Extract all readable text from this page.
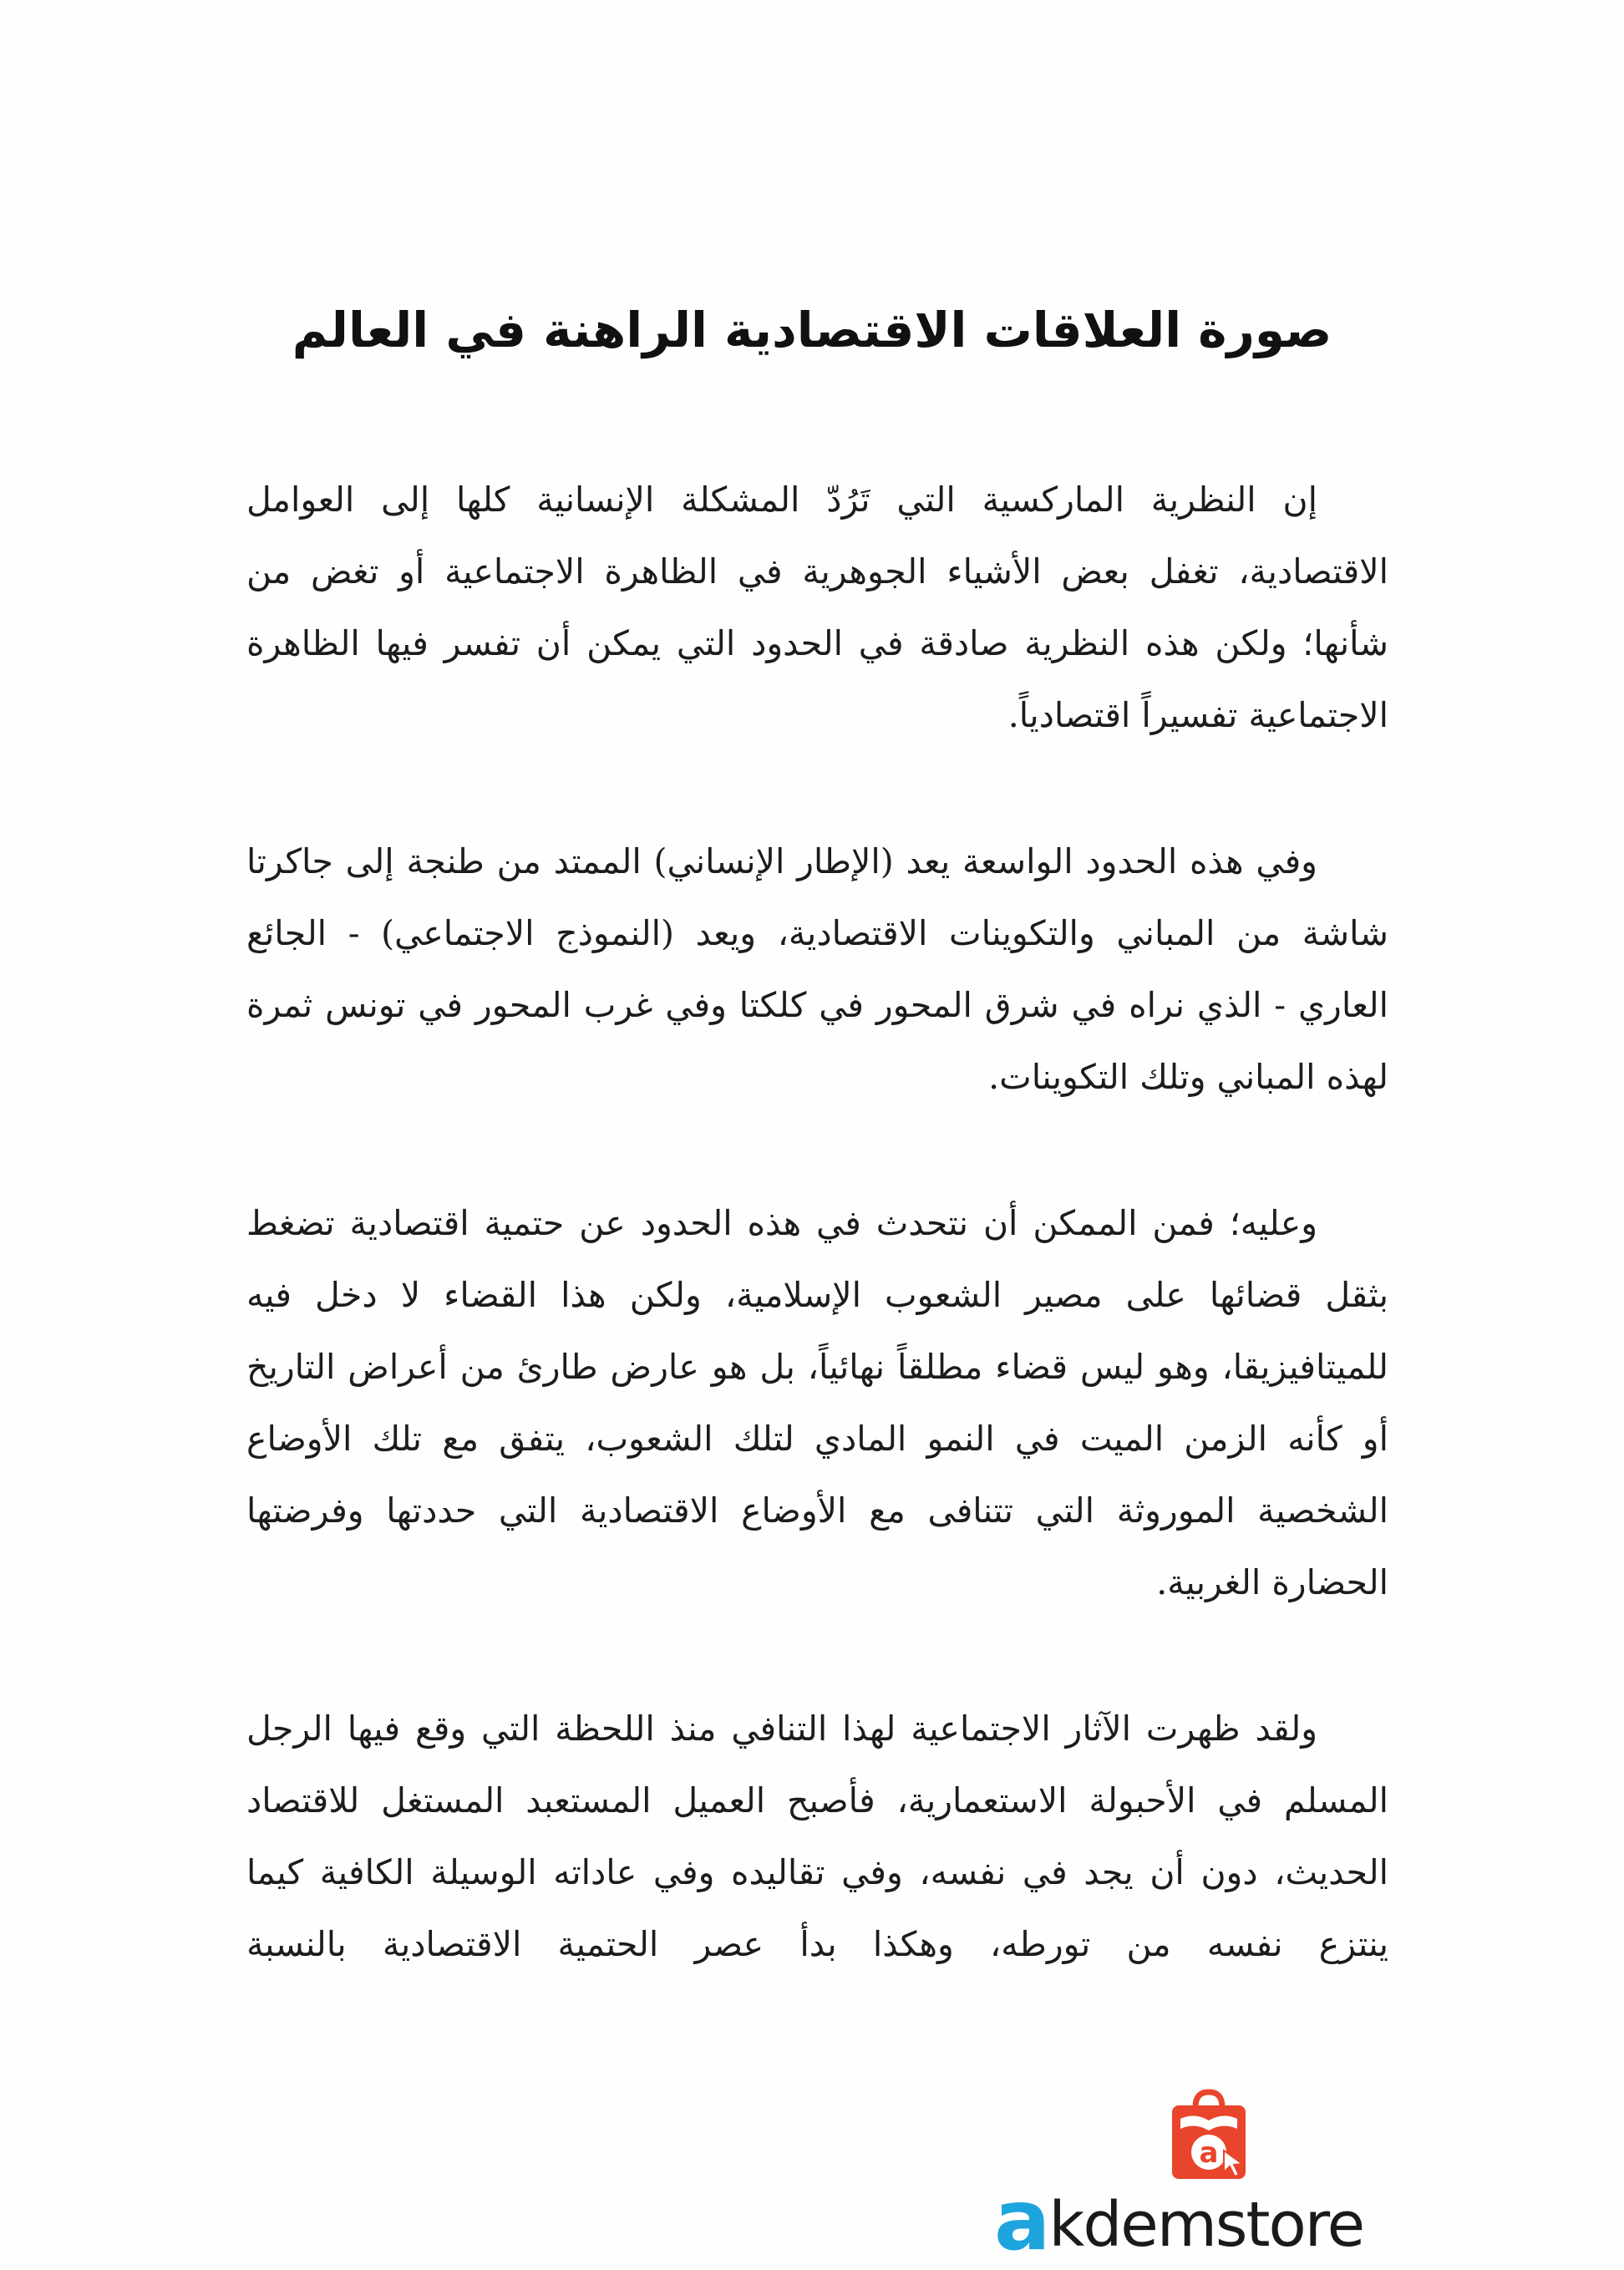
صورة العلاقات الاقتصادية الراهنة في العالم

إن النظرية الماركسية التي تَرُدّ المشكلة الإنسانية كلها إلى العوامل الاقتصادية، تغفل بعض الأشياء الجوهرية في الظاهرة الاجتماعية أو تغض من شأنها؛ ولكن هذه النظرية صادقة في الحدود التي يمكن أن تفسر فيها الظاهرة الاجتماعية تفسيراً اقتصادياً.

وفي هذه الحدود الواسعة يعد (الإطار الإنساني) الممتد من طنجة إلى جاكرتا شاشة من المباني والتكوينات الاقتصادية، ويعد (النموذج الاجتماعي) - الجائع العاري - الذي نراه في شرق المحور في كلكتا وفي غرب المحور في تونس ثمرة لهذه المباني وتلك التكوينات.

وعليه؛ فمن الممكن أن نتحدث في هذه الحدود عن حتمية اقتصادية تضغط بثقل قضائها على مصير الشعوب الإسلامية، ولكن هذا القضاء لا دخل فيه للميتافيزيقا، وهو ليس قضاء مطلقاً نهائياً، بل هو عارض طارئ من أعراض التاريخ أو كأنه الزمن الميت في النمو المادي لتلك الشعوب، يتفق مع تلك الأوضاع الشخصية الموروثة التي تتنافى مع الأوضاع الاقتصادية التي حددتها وفرضتها الحضارة الغربية.

ولقد ظهرت الآثار الاجتماعية لهذا التنافي منذ اللحظة التي وقع فيها الرجل المسلم في الأحبولة الاستعمارية، فأصبح العميل المستعبد المستغل للاقتصاد الحديث، دون أن يجد في نفسه، وفي تقاليده وفي عاداته الوسيلة الكافية كيما ينتزع نفسه من تورطه، وهكذا بدأ عصر الحتمية الاقتصادية بالنسبة

a
akdemstore
